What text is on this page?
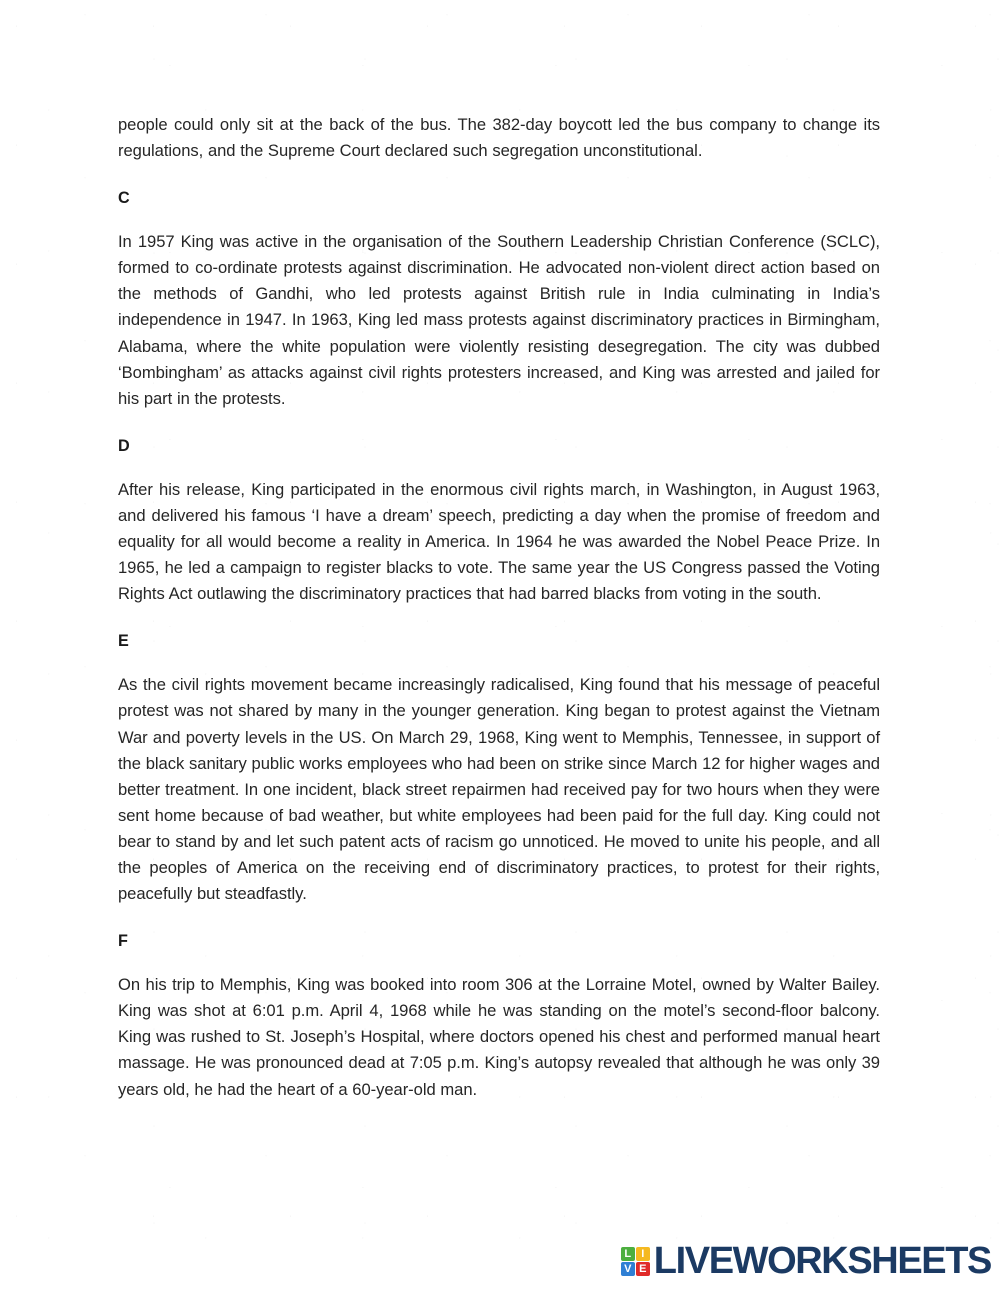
people could only sit at the back of the bus. The 382-day boycott led the bus company to change its regulations, and the Supreme Court declared such segregation unconstitutional.

C

In 1957 King was active in the organisation of the Southern Leadership Christian Conference (SCLC), formed to co-ordinate protests against discrimination. He advocated non-violent direct action based on the methods of Gandhi, who led protests against British rule in India culminating in India’s independence in 1947. In 1963, King led mass protests against discriminatory practices in Birmingham, Alabama, where the white population were violently resisting desegregation. The city was dubbed ‘Bombingham’ as attacks against civil rights protesters increased, and King was arrested and jailed for his part in the protests.

D

After his release, King participated in the enormous civil rights march, in Washington, in August 1963, and delivered his famous ‘I have a dream’ speech, predicting a day when the promise of freedom and equality for all would become a reality in America. In 1964 he was awarded the Nobel Peace Prize. In 1965, he led a campaign to register blacks to vote. The same year the US Congress passed the Voting Rights Act outlawing the discriminatory practices that had barred blacks from voting in the south.

E

As the civil rights movement became increasingly radicalised, King found that his message of peaceful protest was not shared by many in the younger generation. King began to protest against the Vietnam War and poverty levels in the US. On March 29, 1968, King went to Memphis, Tennessee, in support of the black sanitary public works employees who had been on strike since March 12 for higher wages and better treatment. In one incident, black street repairmen had received pay for two hours when they were sent home because of bad weather, but white employees had been paid for the full day. King could not bear to stand by and let such patent acts of racism go unnoticed. He moved to unite his people, and all the peoples of America on the receiving end of discriminatory practices, to protest for their rights, peacefully but steadfastly.

F

On his trip to Memphis, King was booked into room 306 at the Lorraine Motel, owned by Walter Bailey. King was shot at 6:01 p.m. April 4, 1968 while he was standing on the motel’s second-floor balcony. King was rushed to St. Joseph’s Hospital, where doctors opened his chest and performed manual heart massage. He was pronounced dead at 7:05 p.m. King’s autopsy revealed that although he was only 39 years old, he had the heart of a 60-year-old man.

L I
V E LIVEWORKSHEETS
